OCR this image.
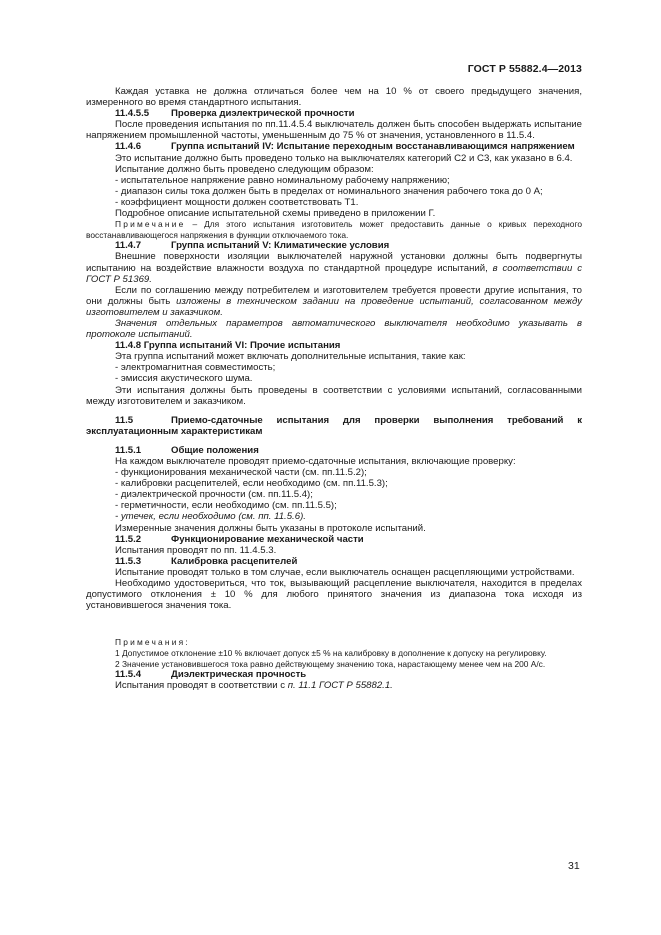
ГОСТ Р 55882.4—2013

Каждая уставка не должна отличаться более чем на 10 % от своего предыдущего значения, измеренного во время стандартного испытания.

11.4.5.5 Проверка диэлектрической прочности

После проведения испытания по пп.11.4.5.4 выключатель должен быть способен выдержать испытание напряжением промышленной частоты, уменьшенным до 75 % от значения, установленного в 11.5.4.

11.4.6	Группа испытаний IV: Испытание переходным восстанавливающимся напряжением

Это испытание должно быть проведено только на выключателях категорий С2 и С3, как указано в 6.4.

Испытание должно быть проведено следующим образом:

- испытательное напряжение равно номинальному рабочему напряжению;

- диапазон силы тока должен быть в пределах от номинального значения рабочего тока до 0 А;

- коэффициент мощности должен соответствовать Т1.

Подробное описание испытательной схемы приведено в приложении Г.

Примечание – Для этого испытания изготовитель может предоставить данные о кривых переходного восстанавливающегося напряжения в функции отключаемого тока.

11.4.7	Группа испытаний V: Климатические условия

Внешние поверхности изоляции выключателей наружной установки должны быть подвергнуты испытанию на воздействие влажности воздуха по стандартной процедуре испытаний, в соответствии с ГОСТ Р 51369.

Если по соглашению между потребителем и изготовителем требуется провести другие испытания, то они должны быть изложены в техническом задании на проведение испытаний, согласованном между изготовителем и заказчиком.

Значения отдельных параметров автоматического выключателя необходимо указывать в протоколе испытаний.

11.4.8 Группа испытаний VI: Прочие испытания

Эта группа испытаний может включать дополнительные испытания, такие как:

- электромагнитная совместимость;

- эмиссия акустического шума.

Эти испытания должны быть проведены в соответствии с условиями испытаний, согласованными между изготовителем и заказчиком.

11.5	Приемо-сдаточные испытания для проверки выполнения требований к эксплуатационным характеристикам

11.5.1	Общие положения

На каждом выключателе проводят приемо-сдаточные испытания, включающие проверку:

- функционирования механической части (см. пп.11.5.2);

- калибровки расцепителей, если необходимо (см. пп.11.5.3);

- диэлектрической прочности (см. пп.11.5.4);

- герметичности, если необходимо (см. пп.11.5.5);

- утечек, если необходимо (см. пп. 11.5.6).

Измеренные значения должны быть указаны в протоколе испытаний.

11.5.2	Функционирование механической части

Испытания проводят по пп. 11.4.5.3.

11.5.3	Калибровка расцепителей

Испытание проводят только в том случае, если выключатель оснащен расцепляющими устройствами.

Необходимо удостовериться, что ток, вызывающий расцепление выключателя, находится в пределах допустимого отклонения ± 10 % для любого принятого значения из диапазона тока исходя из установившегося значения тока.

Примечания:

1 Допустимое отклонение ±10 % включает допуск ±5 % на калибровку в дополнение к допуску на регулировку.

2 Значение установившегося тока равно действующему значению тока, нарастающему менее чем на 200 А/с.

11.5.4	Диэлектрическая прочность

Испытания проводят в соответствии с п. 11.1 ГОСТ Р 55882.1.

31
